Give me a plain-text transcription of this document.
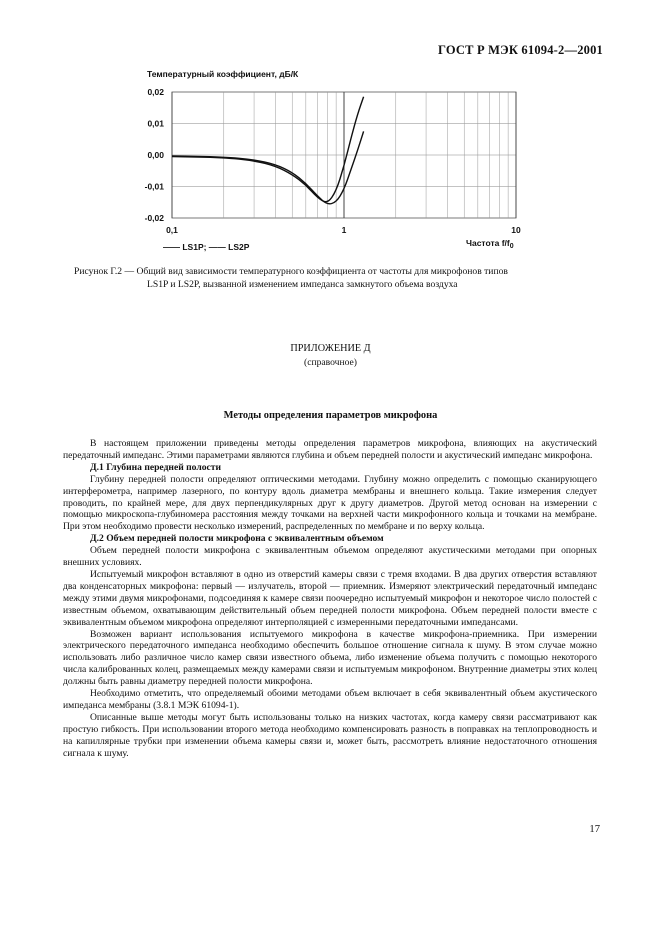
ГОСТ Р МЭК 61094-2—2001
Температурный коэффициент, дБ/К
0,02
0,01
0,00
-0,01
-0,02
0,1	1	10
—— LS1P; —— LS2P	Частота $f/f_0$
Рисунок Г.2 — Общий вид зависимости температурного коэффициента от частоты для микрофонов типов
LS1P и LS2P, вызванной изменением импеданса замкнутого объема воздуха
ПРИЛОЖЕНИЕ Д
(справочное)
Методы определения параметров микрофона

В настоящем приложении приведены методы определения параметров микрофона, влияющих на акустический передаточный импеданс. Этими параметрами являются глубина и объем передней полости и акустический импеданс микрофона.

Д.1 Глубина передней полости

Глубину передней полости определяют оптическими методами. Глубину можно определить с помощью сканирующего интерферометра, например лазерного, по контуру вдоль диаметра мембраны и внешнего кольца. Такие измерения следует проводить, по крайней мере, для двух перпендикулярных друг к другу диаметров. Другой метод основан на измерении с помощью микроскопа-глубиномера расстояния между точками на верхней части микрофонного кольца и точками на мембране. При этом необходимо провести несколько измерений, распределенных по мембране и по верху кольца.

Д.2 Объем передней полости микрофона с эквивалентным объемом

Объем передней полости микрофона с эквивалентным объемом определяют акустическими методами при опорных внешних условиях.

Испытуемый микрофон вставляют в одно из отверстий камеры связи с тремя входами. В два других отверстия вставляют два конденсаторных микрофона: первый — излучатель, второй — приемник. Измеряют электрический передаточный импеданс между этими двумя микрофонами, подсоединяя к камере связи поочередно испытуемый микрофон и некоторое число полостей с известным объемом, охватывающим действительный объем передней полости микрофона. Объем передней полости вместе с эквивалентным объемом микрофона определяют интерполяцией с измеренными передаточными импедансами.

Возможен вариант использования испытуемого микрофона в качестве микрофона-приемника. При измерении электрического передаточного импеданса необходимо обеспечить большое отношение сигнала к шуму. В этом случае можно использовать либо различное число камер связи известного объема, либо изменение объема получить с помощью некоторого числа калиброванных колец, размещаемых между камерами связи и испытуемым микрофоном. Внутренние диаметры этих колец должны быть равны диаметру передней полости микрофона.

Необходимо отметить, что определяемый обоими методами объем включает в себя эквивалентный объем акустического импеданса мембраны (3.8.1 МЭК 61094-1).

Описанные выше методы могут быть использованы только на низких частотах, когда камеру связи рассматривают как простую гибкость. При использовании второго метода необходимо компенсировать разность в поправках на теплопроводность и на капиллярные трубки при изменении объема камеры связи и, может быть, рассмотреть влияние недостаточного отношения сигнала к шуму.

17
